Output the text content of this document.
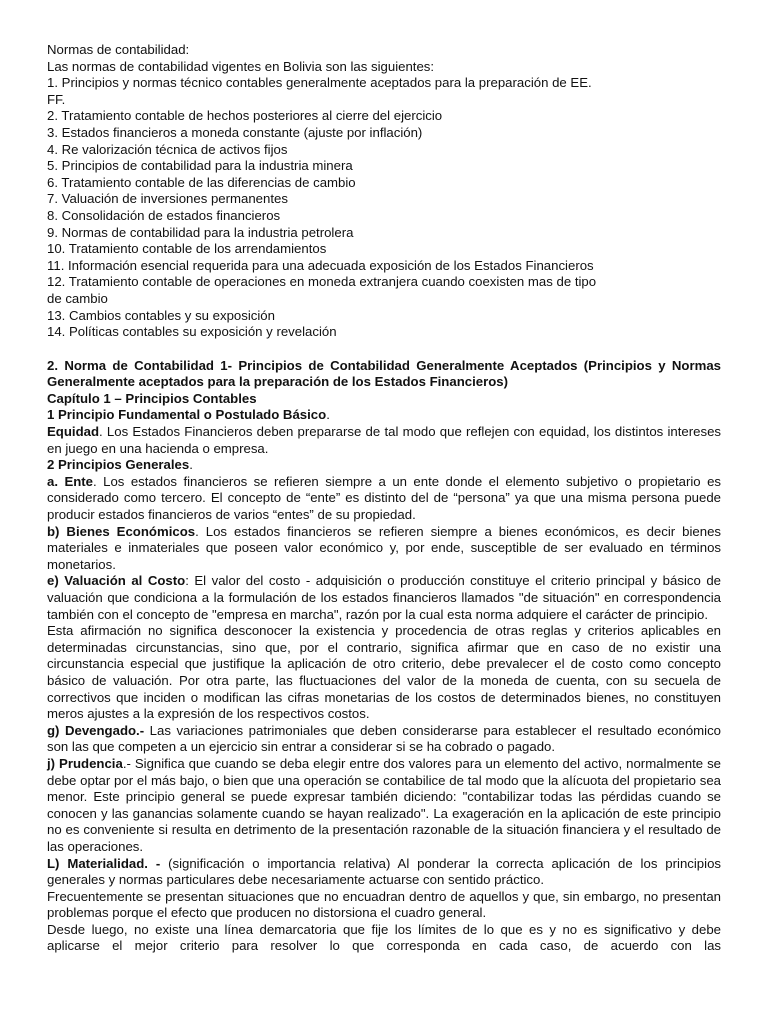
Normas de contabilidad:
Las normas de contabilidad vigentes en Bolivia son las siguientes:
1. Principios y normas técnico contables generalmente aceptados para la preparación de EE.
FF.
2. Tratamiento contable de hechos posteriores al cierre del ejercicio
3. Estados financieros a moneda constante (ajuste por inflación)
4. Re valorización técnica de activos fijos
5. Principios de contabilidad para la industria minera
6. Tratamiento contable de las diferencias de cambio
7. Valuación de inversiones permanentes
8. Consolidación de estados financieros
9. Normas de contabilidad para la industria petrolera
10. Tratamiento contable de los arrendamientos
11. Información esencial requerida para una adecuada exposición de los Estados Financieros
12. Tratamiento contable de operaciones en moneda extranjera cuando coexisten mas de tipo
de cambio
13. Cambios contables y su exposición
14. Políticas contables su exposición y revelación

2. Norma de Contabilidad 1- Principios de Contabilidad Generalmente Aceptados (Principios y Normas Generalmente aceptados para la preparación de los Estados Financieros)

Capítulo 1 – Principios Contables

1 Principio Fundamental o Postulado Básico.

Equidad. Los Estados Financieros deben prepararse de tal modo que reflejen con equidad, los distintos intereses en juego en una hacienda o empresa.

2 Principios Generales.

a. Ente. Los estados financieros se refieren siempre a un ente donde el elemento subjetivo o propietario es considerado como tercero. El concepto de “ente” es distinto del de “persona” ya que una misma persona puede producir estados financieros de varios “entes” de su propiedad.

b) Bienes Económicos. Los estados financieros se refieren siempre a bienes económicos, es decir bienes materiales e inmateriales que poseen valor económico y, por ende, susceptible de ser evaluado en términos monetarios.

e) Valuación al Costo: El valor del costo - adquisición o producción constituye el criterio principal y básico de valuación que condiciona a la formulación de los estados financieros llamados "de situación" en correspondencia también con el concepto de "empresa en marcha", razón por la cual esta norma adquiere el carácter de principio.

Esta afirmación no significa desconocer la existencia y procedencia de otras reglas y criterios aplicables en determinadas circunstancias, sino que, por el contrario, significa afirmar que en caso de no existir una circunstancia especial que justifique la aplicación de otro criterio, debe prevalecer el de costo como concepto básico de valuación. Por otra parte, las fluctuaciones del valor de la moneda de cuenta, con su secuela de correctivos que inciden o modifican las cifras monetarias de los costos de determinados bienes, no constituyen meros ajustes a la expresión de los respectivos costos.

g) Devengado.- Las variaciones patrimoniales que deben considerarse para establecer el resultado económico son las que competen a un ejercicio sin entrar a considerar si se ha cobrado o pagado.

j) Prudencia.- Significa que cuando se deba elegir entre dos valores para un elemento del activo, normalmente se debe optar por el más bajo, o bien que una operación se contabilice de tal modo que la alícuota del propietario sea menor. Este principio general se puede expresar también diciendo: "contabilizar todas las pérdidas cuando se conocen y las ganancias solamente cuando se hayan realizado". La exageración en la aplicación de este principio no es conveniente si resulta en detrimento de la presentación razonable de la situación financiera y el resultado de las operaciones.

L) Materialidad. - (significación o importancia relativa) Al ponderar la correcta aplicación de los principios generales y normas particulares debe necesariamente actuarse con sentido práctico.

Frecuentemente se presentan situaciones que no encuadran dentro de aquellos y que, sin embargo, no presentan problemas porque el efecto que producen no distorsiona el cuadro general.

Desde luego, no existe una línea demarcatoria que fije los límites de lo que es y no es significativo y debe aplicarse el mejor criterio para resolver lo que corresponda en cada caso, de acuerdo con las
